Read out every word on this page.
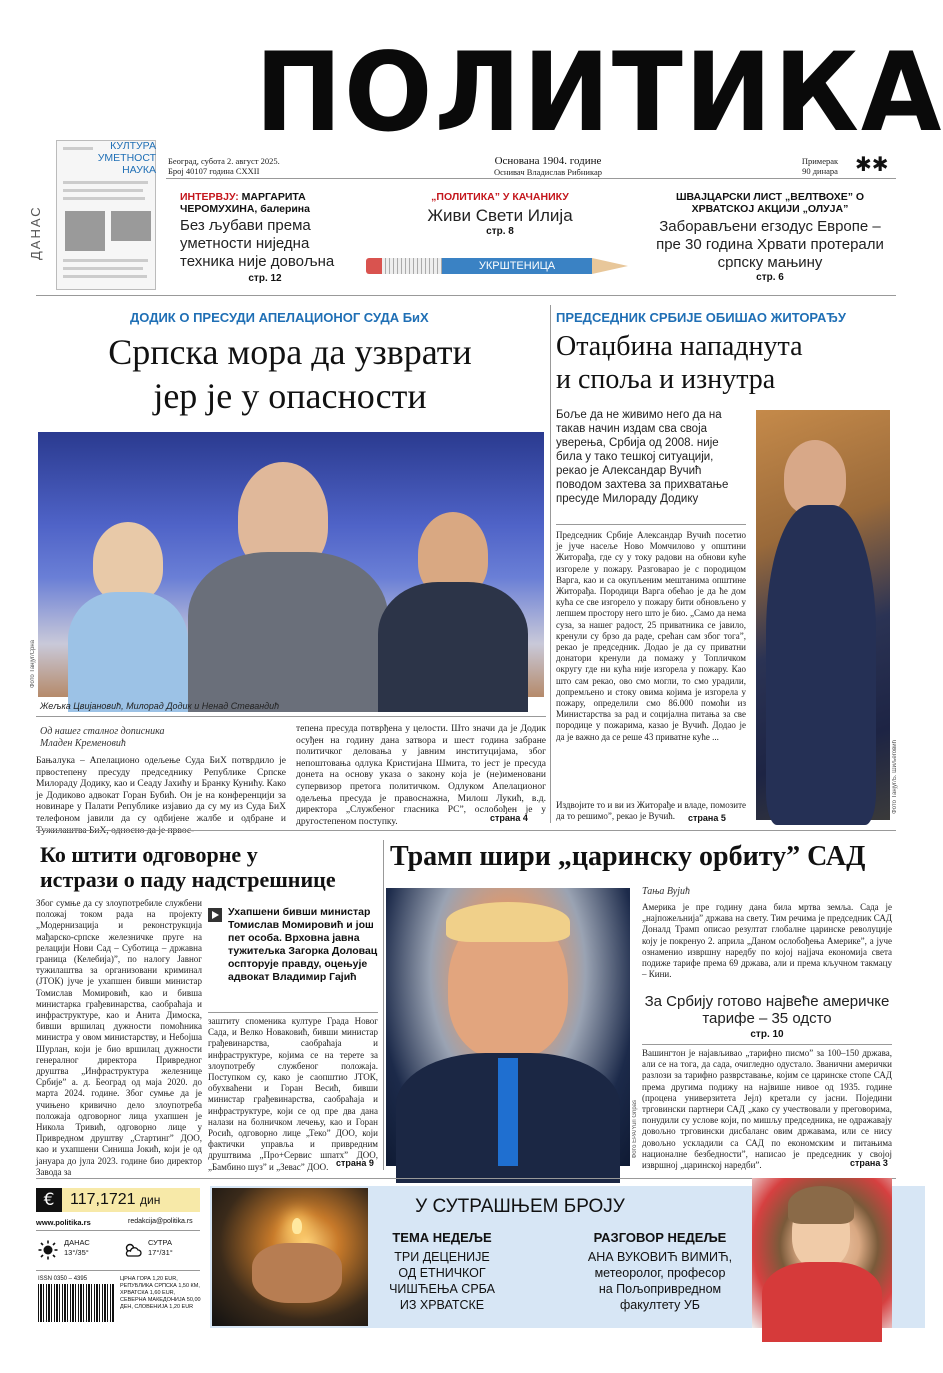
ПОЛИТИКА
ДАНАС
КУЛТУРА
УМЕТНОСТ
НАУКА
Београд, субота 2. август 2025.
Број 40107 година CXXII
Основана 1904. године
Оснивач Владислав Рибникар
Примерак
90 динара ✱✱
ИНТЕРВЈУ: МАРГАРИТА ЧЕРОМУХИНА, балерина
Без љубави према уметности ниједна техника није довољна
стр. 12
„ПОЛИТИКА” У КАЧАНИКУ
Живи Свети Илија
стр. 8
УКРШТЕНИЦА
ШВАЈЦАРСКИ ЛИСТ „ВЕЛТВОХЕ” О ХРВАТСКОЈ АКЦИЈИ „ОЛУЈА”
Заборављени егзодус Европе – пре 30 година Хрвати протерали српску мањину
стр. 6
ДОДИК О ПРЕСУДИ АПЕЛАЦИОНОГ СУДА БиХ
Српска мора да узврати
јер је у опасности
Фото Танјуг/Срна
Жељка Цвијановић, Милорад Додик и Ненад Стевандић
Од нашег сталног дописника
Младен Кременовић
Бањалука – Апелационо одељење Суда БиХ потврдило је првостепену пресуду председнику Републике Српске Милораду Додику, као и Сеаду Јахићу и Бранку Кунићу. Како је Додиково адвокат Горан Бубић. Он је на конференцији за новинаре у Палати Републике изјавио да су му из Суда БиХ телефоном јавили да су одбијене жалбе и одбране и
тепена пресуда потврђена у целости. Што значи да је Додик осуђен на годину дана затвора и шест година забране политичког деловања у јавним институцијама, због непоштовања одлука Кристијана Шмита, то јест је пресуда донета на основу указа о закону која је (не)именовани супервизор претога политичком. Одлуком Апелационог одељења пресуда је правоснажна, Милош Лукић, в.д. директора „Службеног гласника РС”, ослобођен је у другостепеном поступку.	страна 4
ПРЕДСЕДНИК СРБИЈЕ ОБИШАО ЖИТОРАЂУ
Отаџбина нападнута
и споља и изнутра
Боље да не живимо него да на такав начин издам сва своја уверења, Србија од 2008. није била у тако тешкој ситуацији, рекао је Александар Вучић поводом захтева за прихватање пресуде Милораду Додику
Председник Србије Александар Вучић посетио је јуче насеље Ново Момчилово у општини Житорађа, где су у току радови на обнови куће изгореле у пожару. Разговарао је с породицом Варга, као и са окупљеним мештанима општине Житорађа. Породици Варга обећао је да ће дом кућа се све изгорело у пожару бити обновљено у лепшем простору него што је био. „Само да нема суза, за нашег радост, 25 приватника се јавило, кренули су брзо да раде, срећан сам због тога”, рекао је председник. Додао је да су приватни донатори кренули да помажу у Топличком округу где ни кућа није изгорела у пожару. Као што сам рекао, ово смо могли, то смо урадили, допремљено и стоку овима којима је изгорела у пожару, определили смо 86.000 помоћи из Министарства за рад и социјална питања за све породице у пожарима, казао је Вучић. Додао је да је важно да се реше 43 приватне куће ...
Издвојите то и ви из Житорађе и владе, помозите да то решимо”, рекао је Вучић.	страна 5
Фото Танјуг/Б. Шиљеговић
Ко штити одговорне у
истрази о паду надстрешнице
Због сумње да су злоупотребиле службени положај током рада на пројекту „Модернизација и реконструкција мађарско-српске железничке пруге на релацији Нови Сад – Суботица – државна граница (Келебија)”, по налогу Јавног тужилаштва за организовани криминал (ЈТОК) јуче је ухапшен бивши министар Томислав Момировић, као и бивша министарка грађевинарства, саобраћаја и инфраструктуре, као и Анита Димоска, бивши вршилац дужности помоћника министра у овом министарству, и Небојша Шурлан, који је био вршилац дужности генералног директора Привредног друштва „Инфраструктура железнице Србије” а. д. Београд од маја 2020. до марта 2024. године. Због сумње да је учињено кривично дело злоупотреба положаја одговорног лица ухапшен је Никола Тривић, одговорно лице у Привредном друштву „Стартинг” ДОО, као и ухапшени Синиша Јокић, који је од јануара до јула 2023. године био директор Завода за
Ухапшени бивши министар Томислав Момировић и још пет особа. Врховна јавна тужитељка Загорка Доловац оспторује правду, оцењује адвокат Владимир Гајић
заштиту споменика културе Града Новог Сада, и Велко Новаковић, бивши министар грађевинарства, саобраћаја и инфраструктуре, којима се на терете за злоупотребу службеног положаја. Поступком су, како је саопштио ЈТОК, обухваћени и Горан Весић, бивши министар грађевинарства, саобраћаја и инфраструктуре, који се од пре два дана налази на болничком лечењу, као и Горан Росић, одговорно лице „Теко” ДОО, који фактички управља и привредним друштвима „Про+Сервис шпатх” ДОО, „Бамбино шуз” и „Зевас” ДОО. страна 9
Трамп шири „царинску орбиту” САД
Фото EPA/Yuri Gripas
Тања Вујић
Америка је пре годину дана била мртва земља. Сада је „најпожељнија” држава на свету. Тим речима је председник САД Доналд Трамп описао резултат глобалне царинске револуције коју је покренуо 2. априла „Даном ослобођења Америке”, а јуче ознаменио извршну наредбу по којој најјача економија света подиже тарифе према 69 држава, али и према кључном такмацу – Кини.
За Србију готово највеће америчке тарифе – 35 одсто
стр. 10
Вашингтон је најављивао „тарифно писмо” за 100–150 држава, али се на тога, да сада, очигледно одустало. Званични амерички разлози за тарифно разврставање, којим се царинске стопе САД према другима подижу на највише нивое од 1935. године (процена универзитета Јејл) кретали су јасни. Поједини трговински партнери САД „како су учествовали у преговорима, понудили су услове који, по мишљу председника, не одражавају довољно трговински дисбаланс овим државама, или се нису довољно ускладили са САД по економским и питањима националне безбедности”, написао је председник у својој извршној „царинској наредби”.	страна 3
€ 117,1721 дин
www.politika.rs	redakcija@politika.rs
ДАНАС
13°/35°
СУТРА
17°/31°
ISSN 0350 – 4395	ЦРНА ГОРА 1,20 EUR, РЕПУБЛИКА СРПСКА 1,50 КМ, ХРВАТСКА 1,60 EUR, СЕВЕРНА МАКЕДОНИЈА 50,00 ДЕН, СЛОВЕНИЈА 1,20 EUR
У СУТРАШЊЕМ БРОЈУ
ТЕМА НЕДЕЉЕ
ТРИ ДЕЦЕНИЈЕ
ОД ЕТНИЧКОГ
ЧИШЋЕЊА СРБА
ИЗ ХРВАТСКЕ
РАЗГОВОР НЕДЕЉЕ
АНА ВУКОВИЋ ВИМИЋ,
метеоролог, професор
на Пољопривредном
факултету УБ
